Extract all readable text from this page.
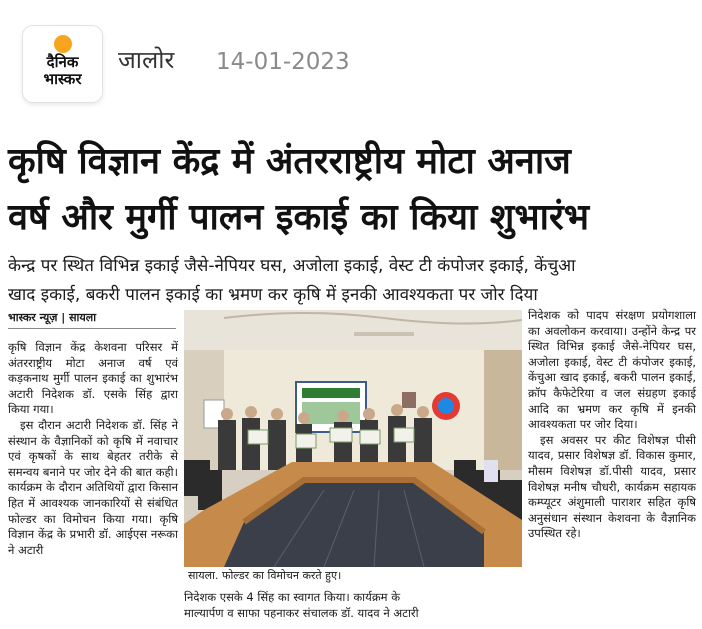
दैनिक
भास्कर
जालोर 14-01-2023
कृषि विज्ञान केंद्र में अंतरराष्ट्रीय मोटा अनाज
वर्ष और मुर्गी पालन इकाई का किया शुभारंभ
केन्द्र पर स्थित विभिन्न इकाई जैसे-नेपियर घस, अजोला इकाई, वेस्ट टी कंपोजर इकाई, केंचुआ
खाद इकाई, बकरी पालन इकाई का भ्रमण कर कृषि में इनकी आवश्यकता पर जोर दिया
भास्कर न्यूज़ | सायला

कृषि विज्ञान केंद्र केशवना परिसर में अंतरराष्ट्रीय मोटा अनाज वर्ष एवं कड़कनाथ मुर्गी पालन इकाई का शुभारंभ अटारी निदेशक डॉ. एसके सिंह द्वारा किया गया।

इस दौरान अटारी निदेशक डॉ. सिंह ने संस्थान के वैज्ञानिकों को कृषि में नवाचार एवं कृषकों के साथ बेहतर तरीके से समन्वय बनाने पर जोर देने की बात कही। कार्यक्रम के दौरान अतिथियों द्वारा किसान हित में आवश्यक जानकारियों से संबंधित फोल्डर का विमोचन किया गया। कृषि विज्ञान केंद्र के प्रभारी डॉ. आईएस नरूका ने अटारी

सायला. फोल्डर का विमोचन करते हुए।
निदेशक एसके 4 सिंह का स्वागत किया। कार्यक्रम के
माल्यार्पण व साफा पहनाकर संचालक डॉ. यादव ने अटारी

निदेशक को पादप संरक्षण प्रयोगशाला का अवलोकन करवाया। उन्होंने केन्द्र पर स्थित विभिन्न इकाई जैसे-नेपियर घस, अजोला इकाई, वेस्ट टी कंपोजर इकाई, केंचुआ खाद इकाई, बकरी पालन इकाई, क्रॉप कैफेटेरिया व जल संग्रहण इकाई आदि का भ्रमण कर कृषि में इनकी आवश्यकता पर जोर दिया।

इस अवसर पर कीट विशेषज्ञ पीसी यादव, प्रसार विशेषज्ञ डॉ. विकास कुमार, मौसम विशेषज्ञ डॉ.पीसी यादव, प्रसार विशेषज्ञ मनीष चौधरी, कार्यक्रम सहायक कम्प्यूटर अंशुमाली पाराशर सहित कृषि अनुसंधान संस्थान केशवना के वैज्ञानिक उपस्थित रहे।
